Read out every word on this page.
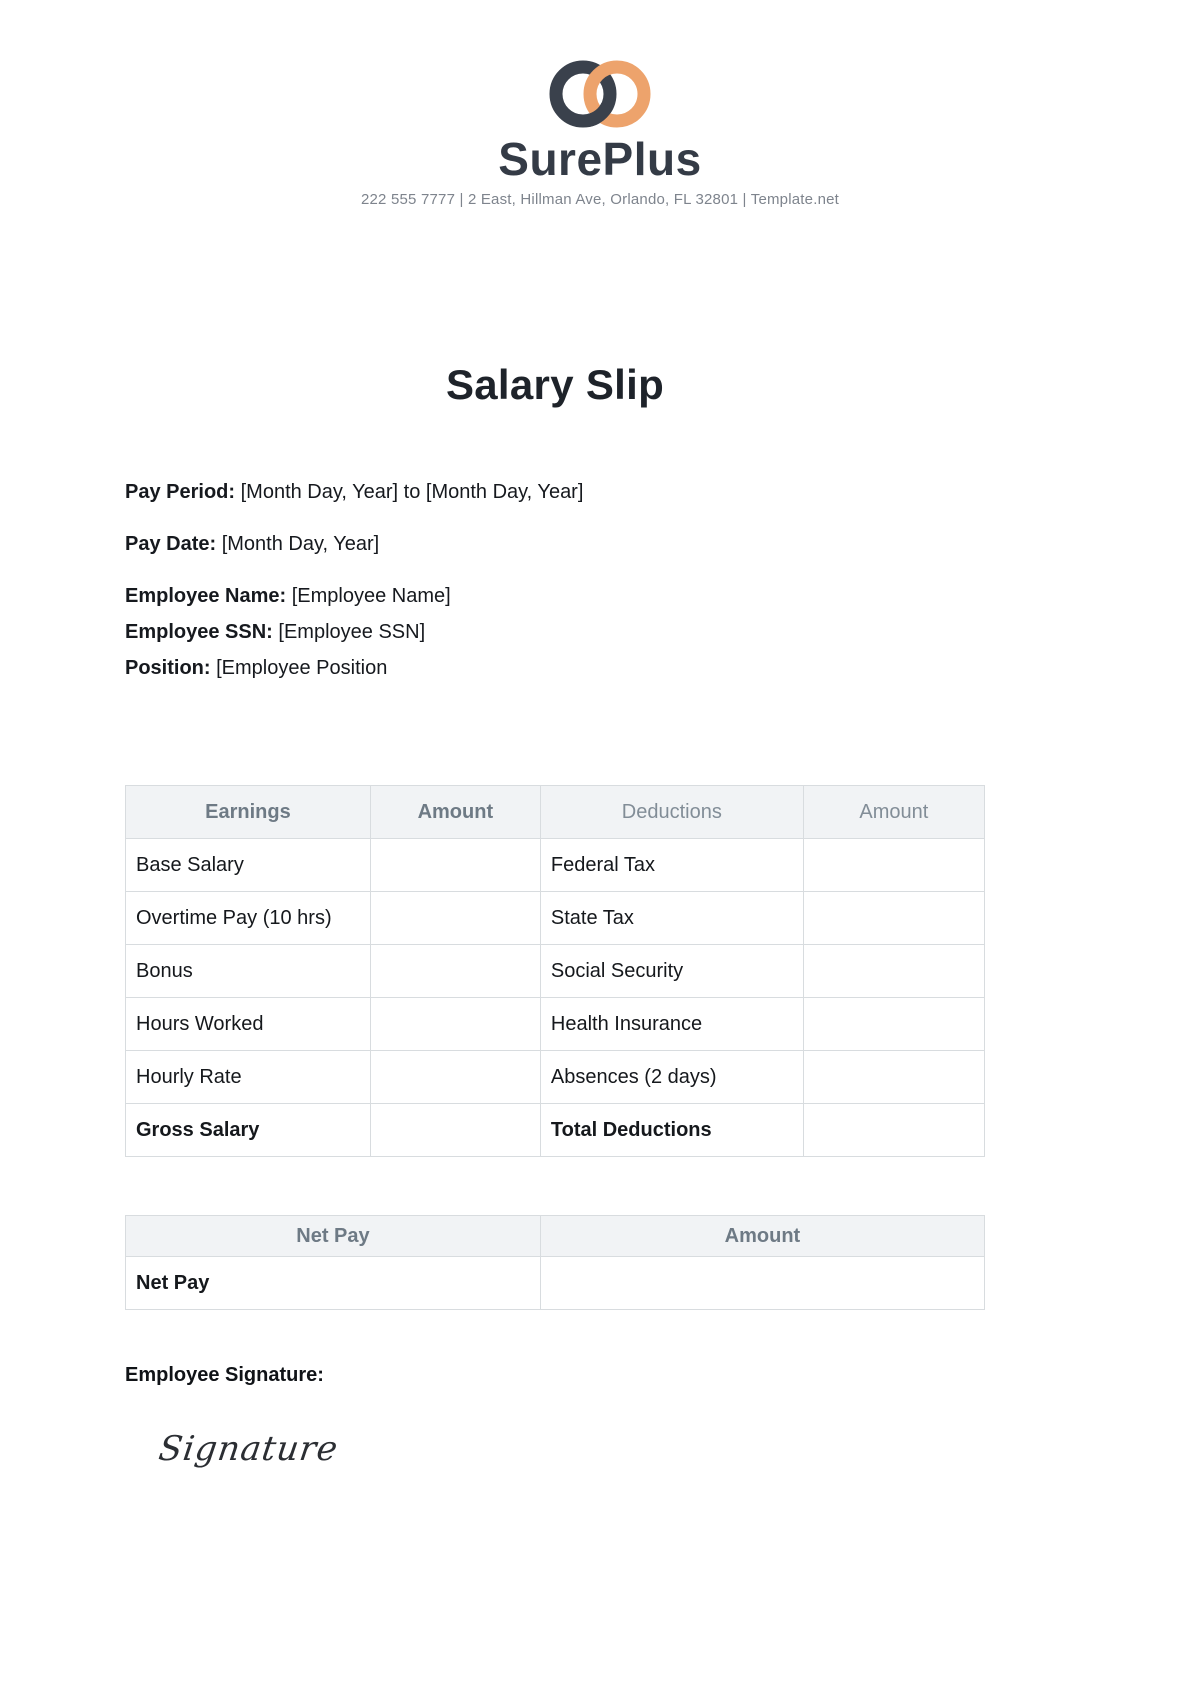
SurePlus
222 555 7777 | 2 East, Hillman Ave, Orlando, FL 32801 | Template.net
Salary Slip

Pay Period: [Month Day, Year] to [Month Day, Year]

Pay Date: [Month Day, Year]

Employee Name: [Employee Name]

Employee SSN: [Employee SSN]

Position: [Employee Position

Earnings	Amount	Deductions	Amount
Base Salary		Federal Tax	
Overtime Pay (10 hrs)		State Tax	
Bonus		Social Security	
Hours Worked		Health Insurance	
Hourly Rate		Absences (2 days)	
Gross Salary		Total Deductions	
Net Pay	Amount
Net Pay	
Employee Signature:
Signature
